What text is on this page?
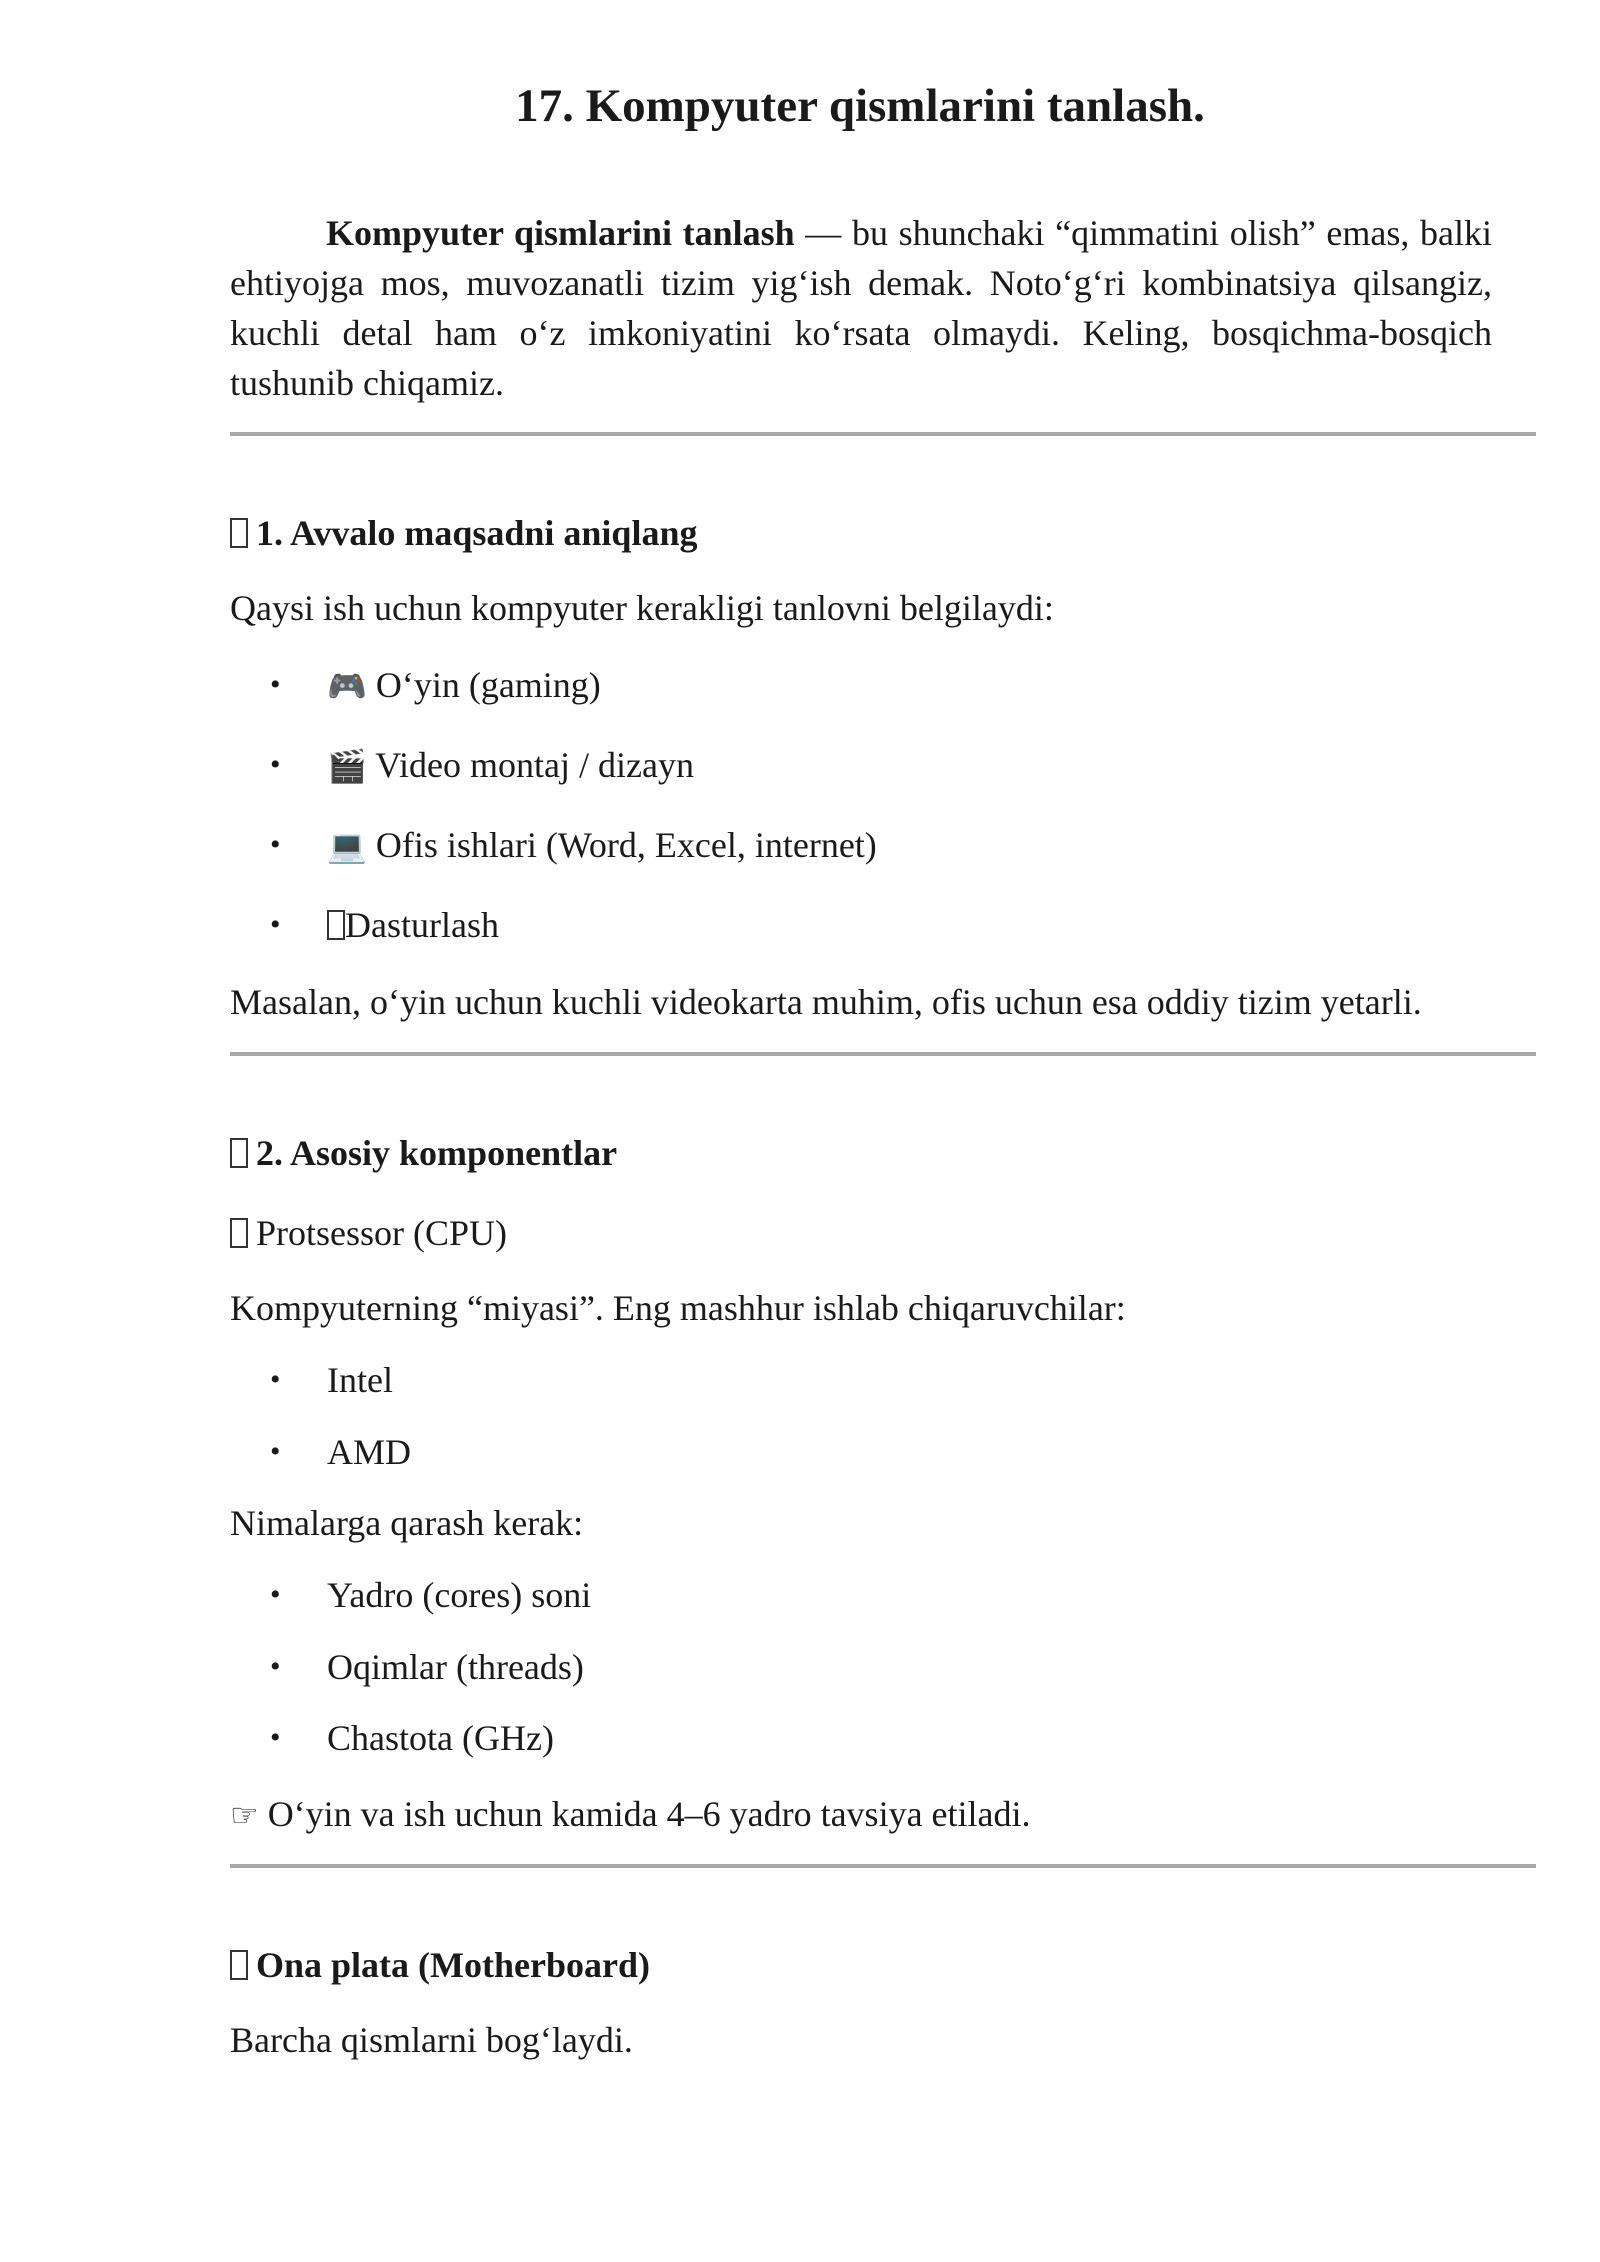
17. Kompyuter qismlarini tanlash.

Kompyuter qismlarini tanlash — bu shunchaki “qimmatini olish” emas, balki ehtiyojga mos, muvozanatli tizim yig‘ish demak. Noto‘g‘ri kombinatsiya qilsangiz, kuchli detal ham o‘z imkoniyatini ko‘rsata olmaydi. Keling, bosqichma-bosqich tushunib chiqamiz.

1. Avvalo maqsadni aniqlang
Qaysi ish uchun kompyuter kerakligi tanlovni belgilaydi:
• 🎮 O‘yin (gaming)
• 🎬 Video montaj / dizayn
• 💻 Ofis ishlari (Word, Excel, internet)
•	Dasturlash
Masalan, o‘yin uchun kuchli videokarta muhim, ofis uchun esa oddiy tizim yetarli.
2. Asosiy komponentlar
Protsessor (CPU)
Kompyuterning “miyasi”. Eng mashhur ishlab chiqaruvchilar:
• Intel
• AMD
Nimalarga qarash kerak:
• Yadro (cores) soni
• Oqimlar (threads)
• Chastota (GHz)
☞ O‘yin va ish uchun kamida 4–6 yadro tavsiya etiladi.
Ona plata (Motherboard)
Barcha qismlarni bog‘laydi.
